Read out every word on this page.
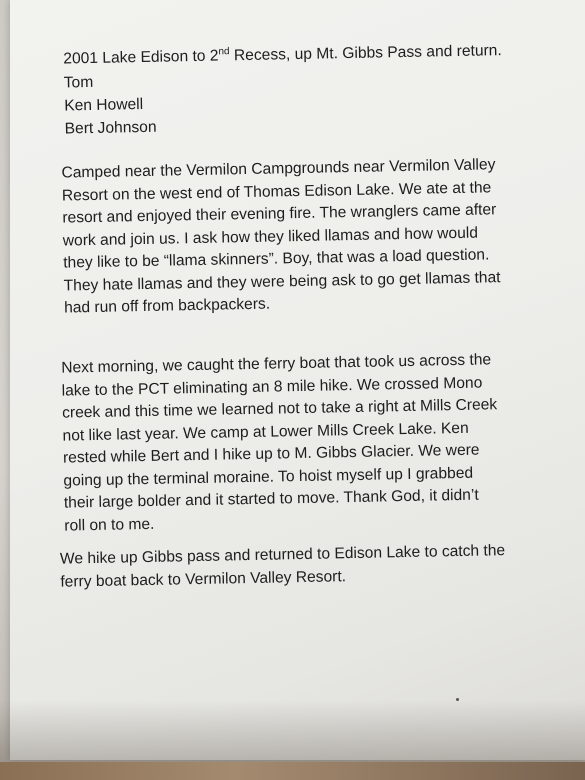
2001 Lake Edison to 2nd Recess, up Mt. Gibbs Pass and return.
Tom
Ken Howell
Bert Johnson
Camped near the Vermilon Campgrounds near Vermilon Valley
Resort on the west end of Thomas Edison Lake. We ate at the
resort and enjoyed their evening fire. The wranglers came after
work and join us. I ask how they liked llamas and how would
they like to be “llama skinners”. Boy, that was a load question.
They hate llamas and they were being ask to go get llamas that
had run off from backpackers.
Next morning, we caught the ferry boat that took us across the
lake to the PCT eliminating an 8 mile hike. We crossed Mono
creek and this time we learned not to take a right at Mills Creek
not like last year. We camp at Lower Mills Creek Lake. Ken
rested while Bert and I hike up to M. Gibbs Glacier. We were
going up the terminal moraine. To hoist myself up I grabbed
their large bolder and it started to move. Thank God, it didn’t
roll on to me.
We hike up Gibbs pass and returned to Edison Lake to catch the
ferry boat back to Vermilon Valley Resort.
